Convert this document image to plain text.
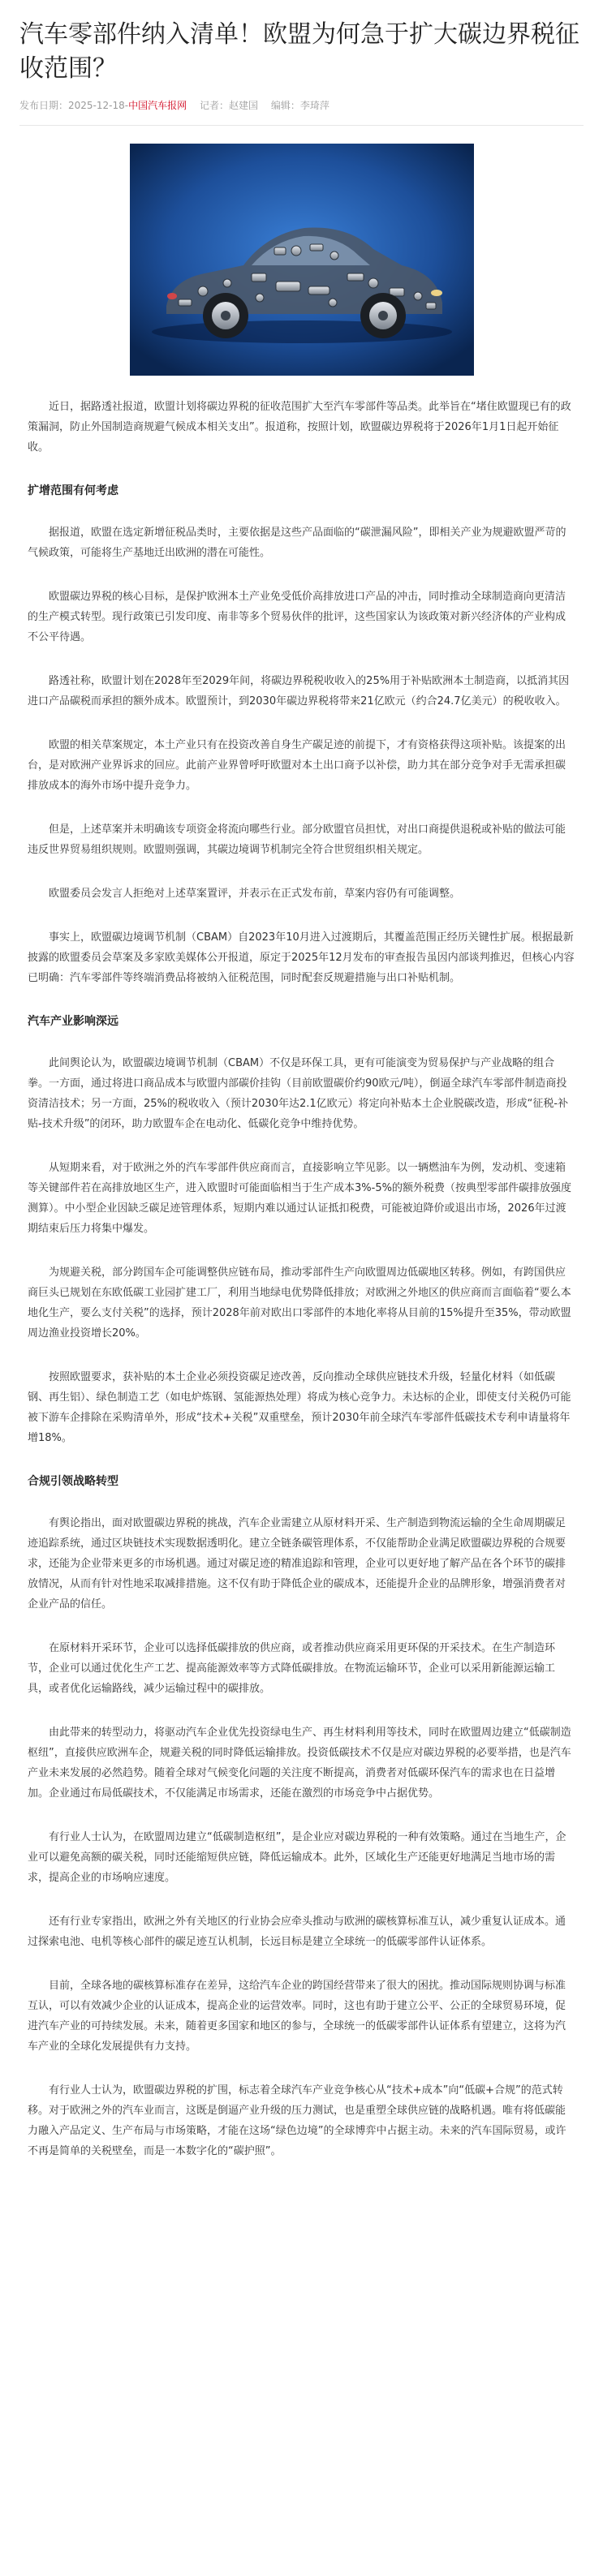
汽车零部件纳入清单！欧盟为何急于扩大碳边界税征收范围？
发布日期：2025-12-18-中国汽车报网 记者：赵建国 编辑：李琦萍

近日，据路透社报道，欧盟计划将碳边界税的征收范围扩大至汽车零部件等品类。此举旨在“堵住欧盟现已有的政策漏洞，防止外国制造商规避气候成本相关支出”。报道称，按照计划，欧盟碳边界税将于2026年1月1日起开始征收。

扩增范围有何考虑

据报道，欧盟在选定新增征税品类时，主要依据是这些产品面临的“碳泄漏风险”，即相关产业为规避欧盟严苛的气候政策，可能将生产基地迁出欧洲的潜在可能性。

欧盟碳边界税的核心目标，是保护欧洲本土产业免受低价高排放进口产品的冲击，同时推动全球制造商向更清洁的生产模式转型。现行政策已引发印度、南非等多个贸易伙伴的批评，这些国家认为该政策对新兴经济体的产业构成不公平待遇。

路透社称，欧盟计划在2028年至2029年间，将碳边界税税收收入的25%用于补贴欧洲本土制造商，以抵消其因进口产品碳税而承担的额外成本。欧盟预计，到2030年碳边界税将带来21亿欧元（约合24.7亿美元）的税收收入。

欧盟的相关草案规定，本土产业只有在投资改善自身生产碳足迹的前提下，才有资格获得这项补贴。该提案的出台，是对欧洲产业界诉求的回应。此前产业界曾呼吁欧盟对本土出口商予以补偿，助力其在部分竞争对手无需承担碳排放成本的海外市场中提升竞争力。

但是，上述草案并未明确该专项资金将流向哪些行业。部分欧盟官员担忧，对出口商提供退税或补贴的做法可能违反世界贸易组织规则。欧盟则强调，其碳边境调节机制完全符合世贸组织相关规定。

欧盟委员会发言人拒绝对上述草案置评，并表示在正式发布前，草案内容仍有可能调整。

事实上，欧盟碳边境调节机制（CBAM）自2023年10月进入过渡期后，其覆盖范围正经历关键性扩展。根据最新披露的欧盟委员会草案及多家欧美媒体公开报道，原定于2025年12月发布的审查报告虽因内部谈判推迟，但核心内容已明确：汽车零部件等终端消费品将被纳入征税范围，同时配套反规避措施与出口补贴机制。

汽车产业影响深远

此间舆论认为，欧盟碳边境调节机制（CBAM）不仅是环保工具，更有可能演变为贸易保护与产业战略的组合拳。一方面，通过将进口商品成本与欧盟内部碳价挂钩（目前欧盟碳价约90欧元/吨），倒逼全球汽车零部件制造商投资清洁技术；另一方面，25%的税收收入（预计2030年达2.1亿欧元）将定向补贴本土企业脱碳改造，形成“征税-补贴-技术升级”的闭环，助力欧盟车企在电动化、低碳化竞争中维持优势。

从短期来看，对于欧洲之外的汽车零部件供应商而言，直接影响立竿见影。以一辆燃油车为例，发动机、变速箱等关键部件若在高排放地区生产，进入欧盟时可能面临相当于生产成本3%-5%的额外税费（按典型零部件碳排放强度测算）。中小型企业因缺乏碳足迹管理体系，短期内难以通过认证抵扣税费，可能被迫降价或退出市场，2026年过渡期结束后压力将集中爆发。

为规避关税，部分跨国车企可能调整供应链布局，推动零部件生产向欧盟周边低碳地区转移。例如，有跨国供应商巨头已规划在东欧低碳工业园扩建工厂，利用当地绿电优势降低排放；对欧洲之外地区的供应商而言面临着“要么本地化生产，要么支付关税”的选择，预计2028年前对欧出口零部件的本地化率将从目前的15%提升至35%，带动欧盟周边渔业投资增长20%。

按照欧盟要求，获补贴的本土企业必须投资碳足迹改善，反向推动全球供应链技术升级，轻量化材料（如低碳钢、再生铝）、绿色制造工艺（如电炉炼钢、氢能源热处理）将成为核心竞争力。未达标的企业，即使支付关税仍可能被下游车企排除在采购清单外，形成“技术+关税”双重壁垒，预计2030年前全球汽车零部件低碳技术专利申请量将年增18%。

合规引领战略转型

有舆论指出，面对欧盟碳边界税的挑战，汽车企业需建立从原材料开采、生产制造到物流运输的全生命周期碳足迹追踪系统，通过区块链技术实现数据透明化。建立全链条碳管理体系，不仅能帮助企业满足欧盟碳边界税的合规要求，还能为企业带来更多的市场机遇。通过对碳足迹的精准追踪和管理，企业可以更好地了解产品在各个环节的碳排放情况，从而有针对性地采取减排措施。这不仅有助于降低企业的碳成本，还能提升企业的品牌形象，增强消费者对企业产品的信任。

在原材料开采环节，企业可以选择低碳排放的供应商，或者推动供应商采用更环保的开采技术。在生产制造环节，企业可以通过优化生产工艺、提高能源效率等方式降低碳排放。在物流运输环节，企业可以采用新能源运输工具，或者优化运输路线，减少运输过程中的碳排放。

由此带来的转型动力，将驱动汽车企业优先投资绿电生产、再生材料利用等技术，同时在欧盟周边建立“低碳制造枢纽”，直接供应欧洲车企，规避关税的同时降低运输排放。投资低碳技术不仅是应对碳边界税的必要举措，也是汽车产业未来发展的必然趋势。随着全球对气候变化问题的关注度不断提高，消费者对低碳环保汽车的需求也在日益增加。企业通过布局低碳技术，不仅能满足市场需求，还能在激烈的市场竞争中占据优势。

有行业人士认为，在欧盟周边建立“低碳制造枢纽”，是企业应对碳边界税的一种有效策略。通过在当地生产，企业可以避免高额的碳关税，同时还能缩短供应链，降低运输成本。此外，区域化生产还能更好地满足当地市场的需求，提高企业的市场响应速度。

还有行业专家指出，欧洲之外有关地区的行业协会应牵头推动与欧洲的碳核算标准互认，减少重复认证成本。通过探索电池、电机等核心部件的碳足迹互认机制，长远目标是建立全球统一的低碳零部件认证体系。

目前，全球各地的碳核算标准存在差异，这给汽车企业的跨国经营带来了很大的困扰。推动国际规则协调与标准互认，可以有效减少企业的认证成本，提高企业的运营效率。同时，这也有助于建立公平、公正的全球贸易环境，促进汽车产业的可持续发展。未来，随着更多国家和地区的参与，全球统一的低碳零部件认证体系有望建立，这将为汽车产业的全球化发展提供有力支持。

有行业人士认为，欧盟碳边界税的扩围，标志着全球汽车产业竞争核心从“技术+成本”向“低碳+合规”的范式转移。对于欧洲之外的汽车业而言，这既是倒逼产业升级的压力测试，也是重塑全球供应链的战略机遇。唯有将低碳能力融入产品定义、生产布局与市场策略，才能在这场“绿色边境”的全球博弈中占据主动。未来的汽车国际贸易，或许不再是简单的关税壁垒，而是一本数字化的“碳护照”。
